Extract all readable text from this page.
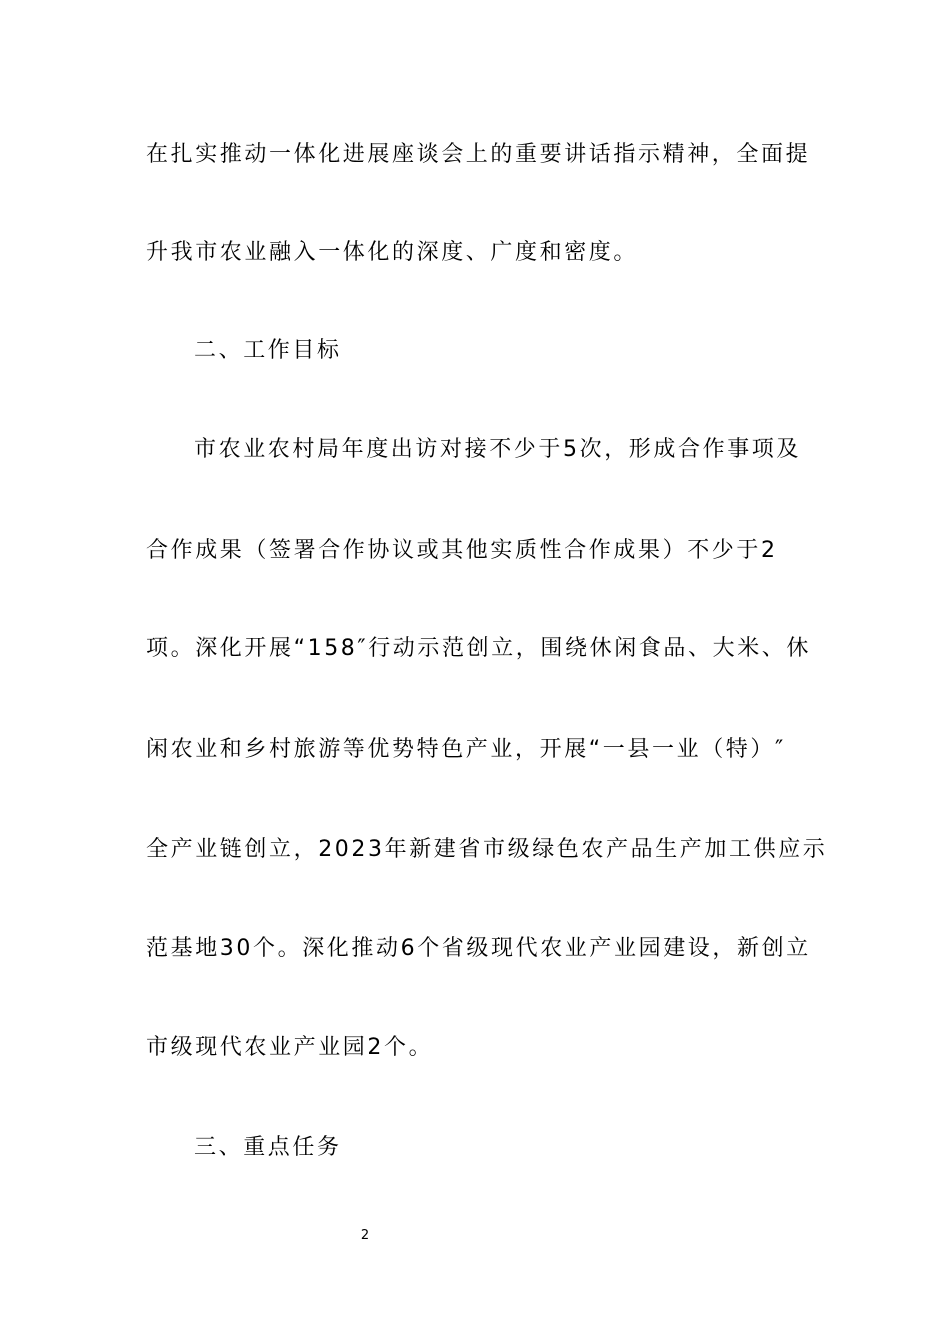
在扎实推动一体化进展座谈会上的重要讲话指示精神，全面提
升我市农业融入一体化的深度、广度和密度。
二、工作目标
市农业农村局年度出访对接不少于5次，形成合作事项及
合作成果（签署合作协议或其他实质性合作成果）不少于2
项。深化开展“158″行动示范创立，围绕休闲食品、大米、休
闲农业和乡村旅游等优势特色产业，开展“一县一业（特）″
全产业链创立，2023年新建省市级绿色农产品生产加工供应示
范基地30个。深化推动6个省级现代农业产业园建设，新创立
市级现代农业产业园2个。
三、重点任务
2
